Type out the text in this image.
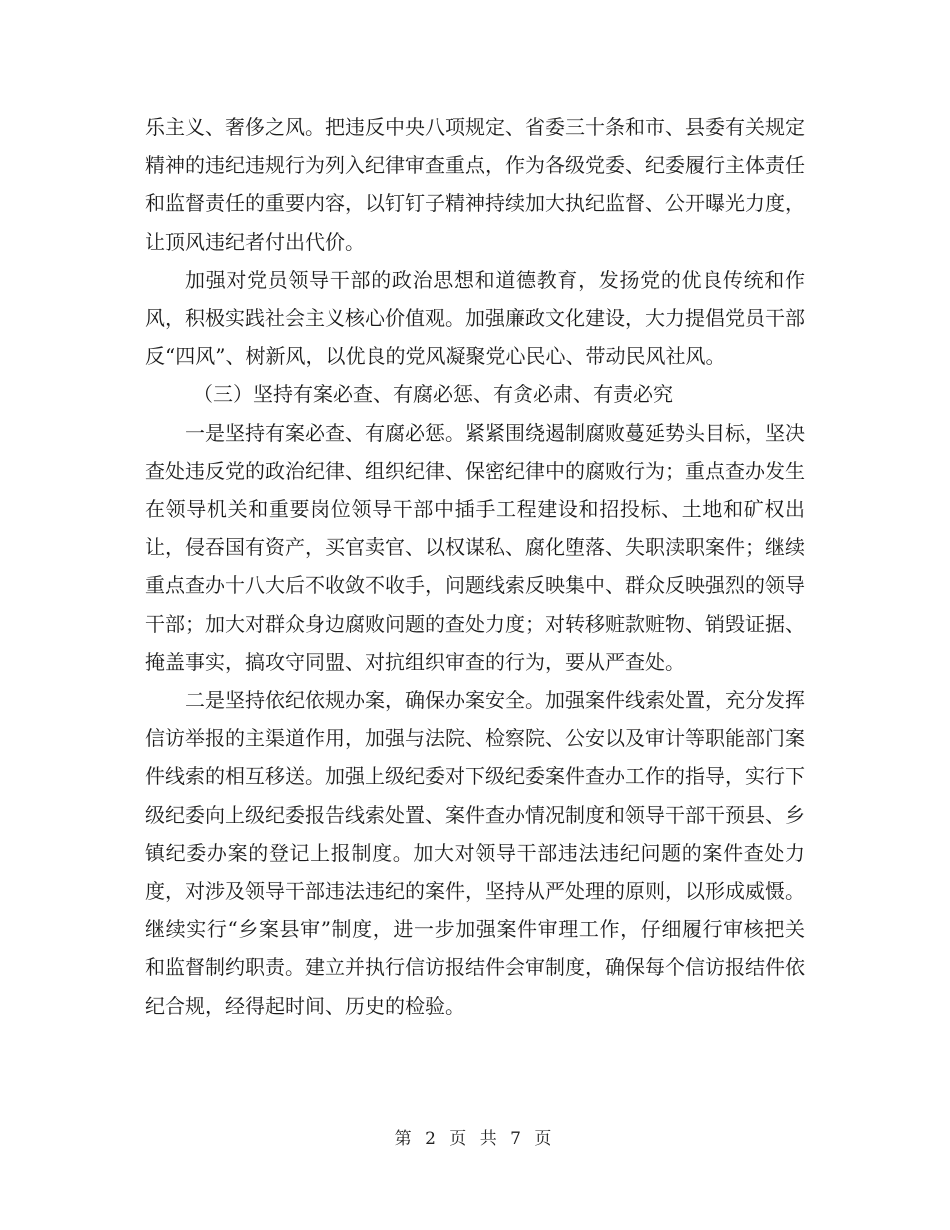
乐主义、奢侈之风。把违反中央八项规定、省委三十条和市、县委有关规定精神的违纪违规行为列入纪律审查重点，作为各级党委、纪委履行主体责任和监督责任的重要内容，以钉钉子精神持续加大执纪监督、公开曝光力度，让顶风违纪者付出代价。

加强对党员领导干部的政治思想和道德教育，发扬党的优良传统和作风，积极实践社会主义核心价值观。加强廉政文化建设，大力提倡党员干部反“四风”、树新风，以优良的党风凝聚党心民心、带动民风社风。

（三）坚持有案必查、有腐必惩、有贪必肃、有责必究

一是坚持有案必查、有腐必惩。紧紧围绕遏制腐败蔓延势头目标，坚决查处违反党的政治纪律、组织纪律、保密纪律中的腐败行为；重点查办发生在领导机关和重要岗位领导干部中插手工程建设和招投标、土地和矿权出让，侵吞国有资产，买官卖官、以权谋私、腐化堕落、失职渎职案件；继续重点查办十八大后不收敛不收手，问题线索反映集中、群众反映强烈的领导干部；加大对群众身边腐败问题的查处力度；对转移赃款赃物、销毁证据、掩盖事实，搞攻守同盟、对抗组织审查的行为，要从严查处。

二是坚持依纪依规办案，确保办案安全。加强案件线索处置，充分发挥信访举报的主渠道作用，加强与法院、检察院、公安以及审计等职能部门案件线索的相互移送。加强上级纪委对下级纪委案件查办工作的指导，实行下级纪委向上级纪委报告线索处置、案件查办情况制度和领导干部干预县、乡镇纪委办案的登记上报制度。加大对领导干部违法违纪问题的案件查处力度，对涉及领导干部违法违纪的案件，坚持从严处理的原则，以形成威慑。继续实行“乡案县审”制度，进一步加强案件审理工作，仔细履行审核把关和监督制约职责。建立并执行信访报结件会审制度，确保每个信访报结件依纪合规，经得起时间、历史的检验。

第 2 页 共 7 页
